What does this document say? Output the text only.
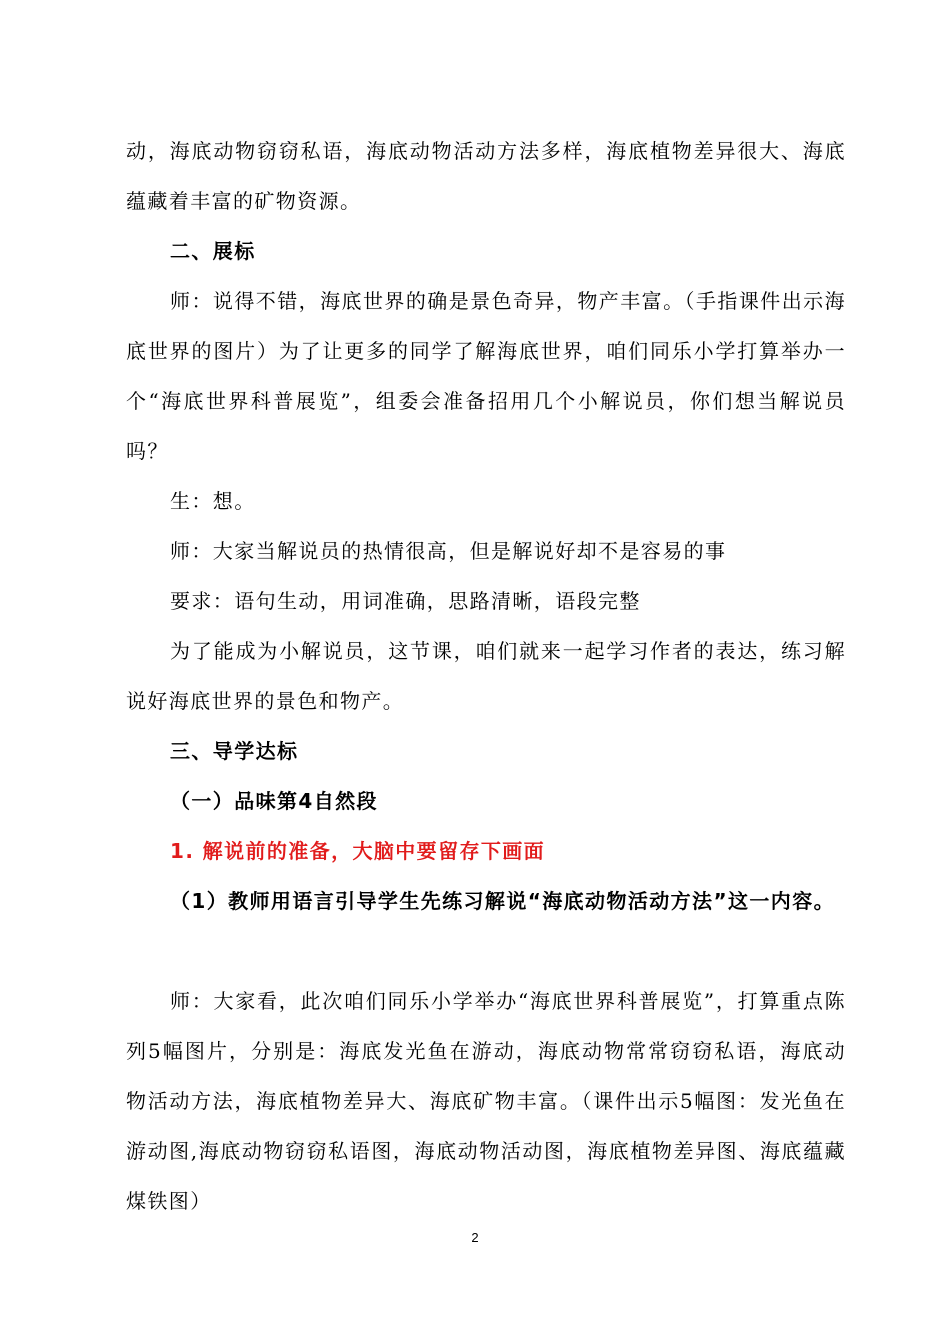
动，海底动物窃窃私语，海底动物活动方法多样，海底植物差异很大、海底蕴藏着丰富的矿物资源。

二、展标

师：说得不错，海底世界的确是景色奇异，物产丰富。（手指课件出示海底世界的图片）为了让更多的同学了解海底世界，咱们同乐小学打算举办一个“海底世界科普展览”，组委会准备招用几个小解说员，你们想当解说员吗？

生：想。

师：大家当解说员的热情很高，但是解说好却不是容易的事

要求：语句生动，用词准确，思路清晰，语段完整

为了能成为小解说员，这节课，咱们就来一起学习作者的表达，练习解说好海底世界的景色和物产。

三、导学达标

（一）品味第4自然段

1. 解说前的准备，大脑中要留存下画面

（1）教师用语言引导学生先练习解说“海底动物活动方法”这一内容。

师：大家看，此次咱们同乐小学举办“海底世界科普展览”，打算重点陈列5幅图片，分别是：海底发光鱼在游动，海底动物常常窃窃私语，海底动物活动方法，海底植物差异大、海底矿物丰富。（课件出示5幅图：发光鱼在游动图,海底动物窃窃私语图，海底动物活动图，海底植物差异图、海底蕴藏煤铁图）

2
